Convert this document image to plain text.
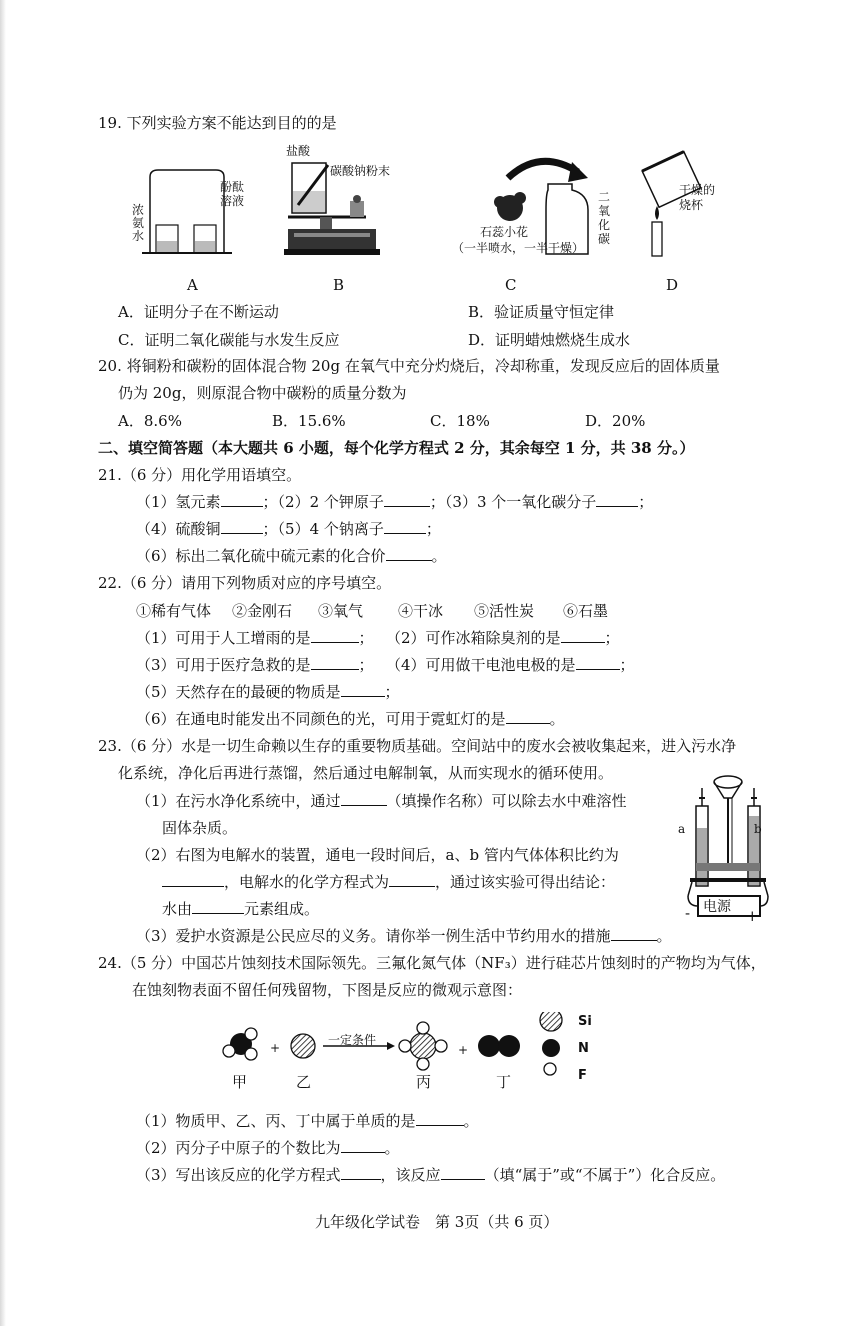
19. 下列实验方案不能达到目的的是
浓
氨
水
酚酞
溶液
A
盐酸
碳酸钠粉末
B
石蕊小花
（一半喷水，一半干燥）
二
氧
化
碳
C
干燥的
烧杯
D
A．证明分子在不断运动	B．验证质量守恒定律
C．证明二氧化碳能与水发生反应	D．证明蜡烛燃烧生成水
20. 将铜粉和碳粉的固体混合物 20g 在氧气中充分灼烧后，冷却称重，发现反应后的固体质量
仍为 20g，则原混合物中碳粉的质量分数为
A．8.6%	B．15.6%	C．18%	D．20%
二、填空简答题（本大题共 6 小题，每个化学方程式 2 分，其余每空 1 分，共 38 分。）
21.（6 分）用化学用语填空。
（1）氢元素	；（2）2 个钾原子	；（3）3 个一氧化碳分子	；
（4）硫酸铜	；（5）4 个钠离子	；
（6）标出二氧化硫中硫元素的化合价	。
22.（6 分）请用下列物质对应的序号填空。
①稀有气体 ②金刚石 ③氧气 ④干冰 ⑤活性炭 ⑥石墨
（1）可用于人工增雨的是	； （2）可作冰箱除臭剂的是	；
（3）可用于医疗急救的是	； （4）可用做干电池电极的是	；
（5）天然存在的最硬的物质是	；
（6）在通电时能发出不同颜色的光，可用于霓虹灯的是	。
23.（6 分）水是一切生命赖以生存的重要物质基础。空间站中的废水会被收集起来，进入污水净
化系统，净化后再进行蒸馏，然后通过电解制氧，从而实现水的循环使用。
（1）在污水净化系统中，通过	（填操作名称）可以除去水中难溶性
固体杂质。
（2）右图为电解水的装置，通电一段时间后，a、b 管内气体体积比约为
，电解水的化学方程式为	，通过该实验可得出结论：
水由	元素组成。
（3）爱护水资源是公民应尽的义务。请你举一例生活中节约用水的措施	。
a	b
电源
-	+
24.（5 分）中国芯片蚀刻技术国际领先。三氟化氮气体（NF₃）进行硅芯片蚀刻时的产物均为气体，
在蚀刻物表面不留任何残留物，下图是反应的微观示意图：
+	+
一定条件
Si
N
F
甲	乙	丙	丁
（1）物质甲、乙、丙、丁中属于单质的是	。
（2）丙分子中原子的个数比为	。
（3）写出该反应的化学方程式	，该反应	（填“属于”或“不属于”）化合反应。
九年级化学试卷　第 3页（共 6 页）
